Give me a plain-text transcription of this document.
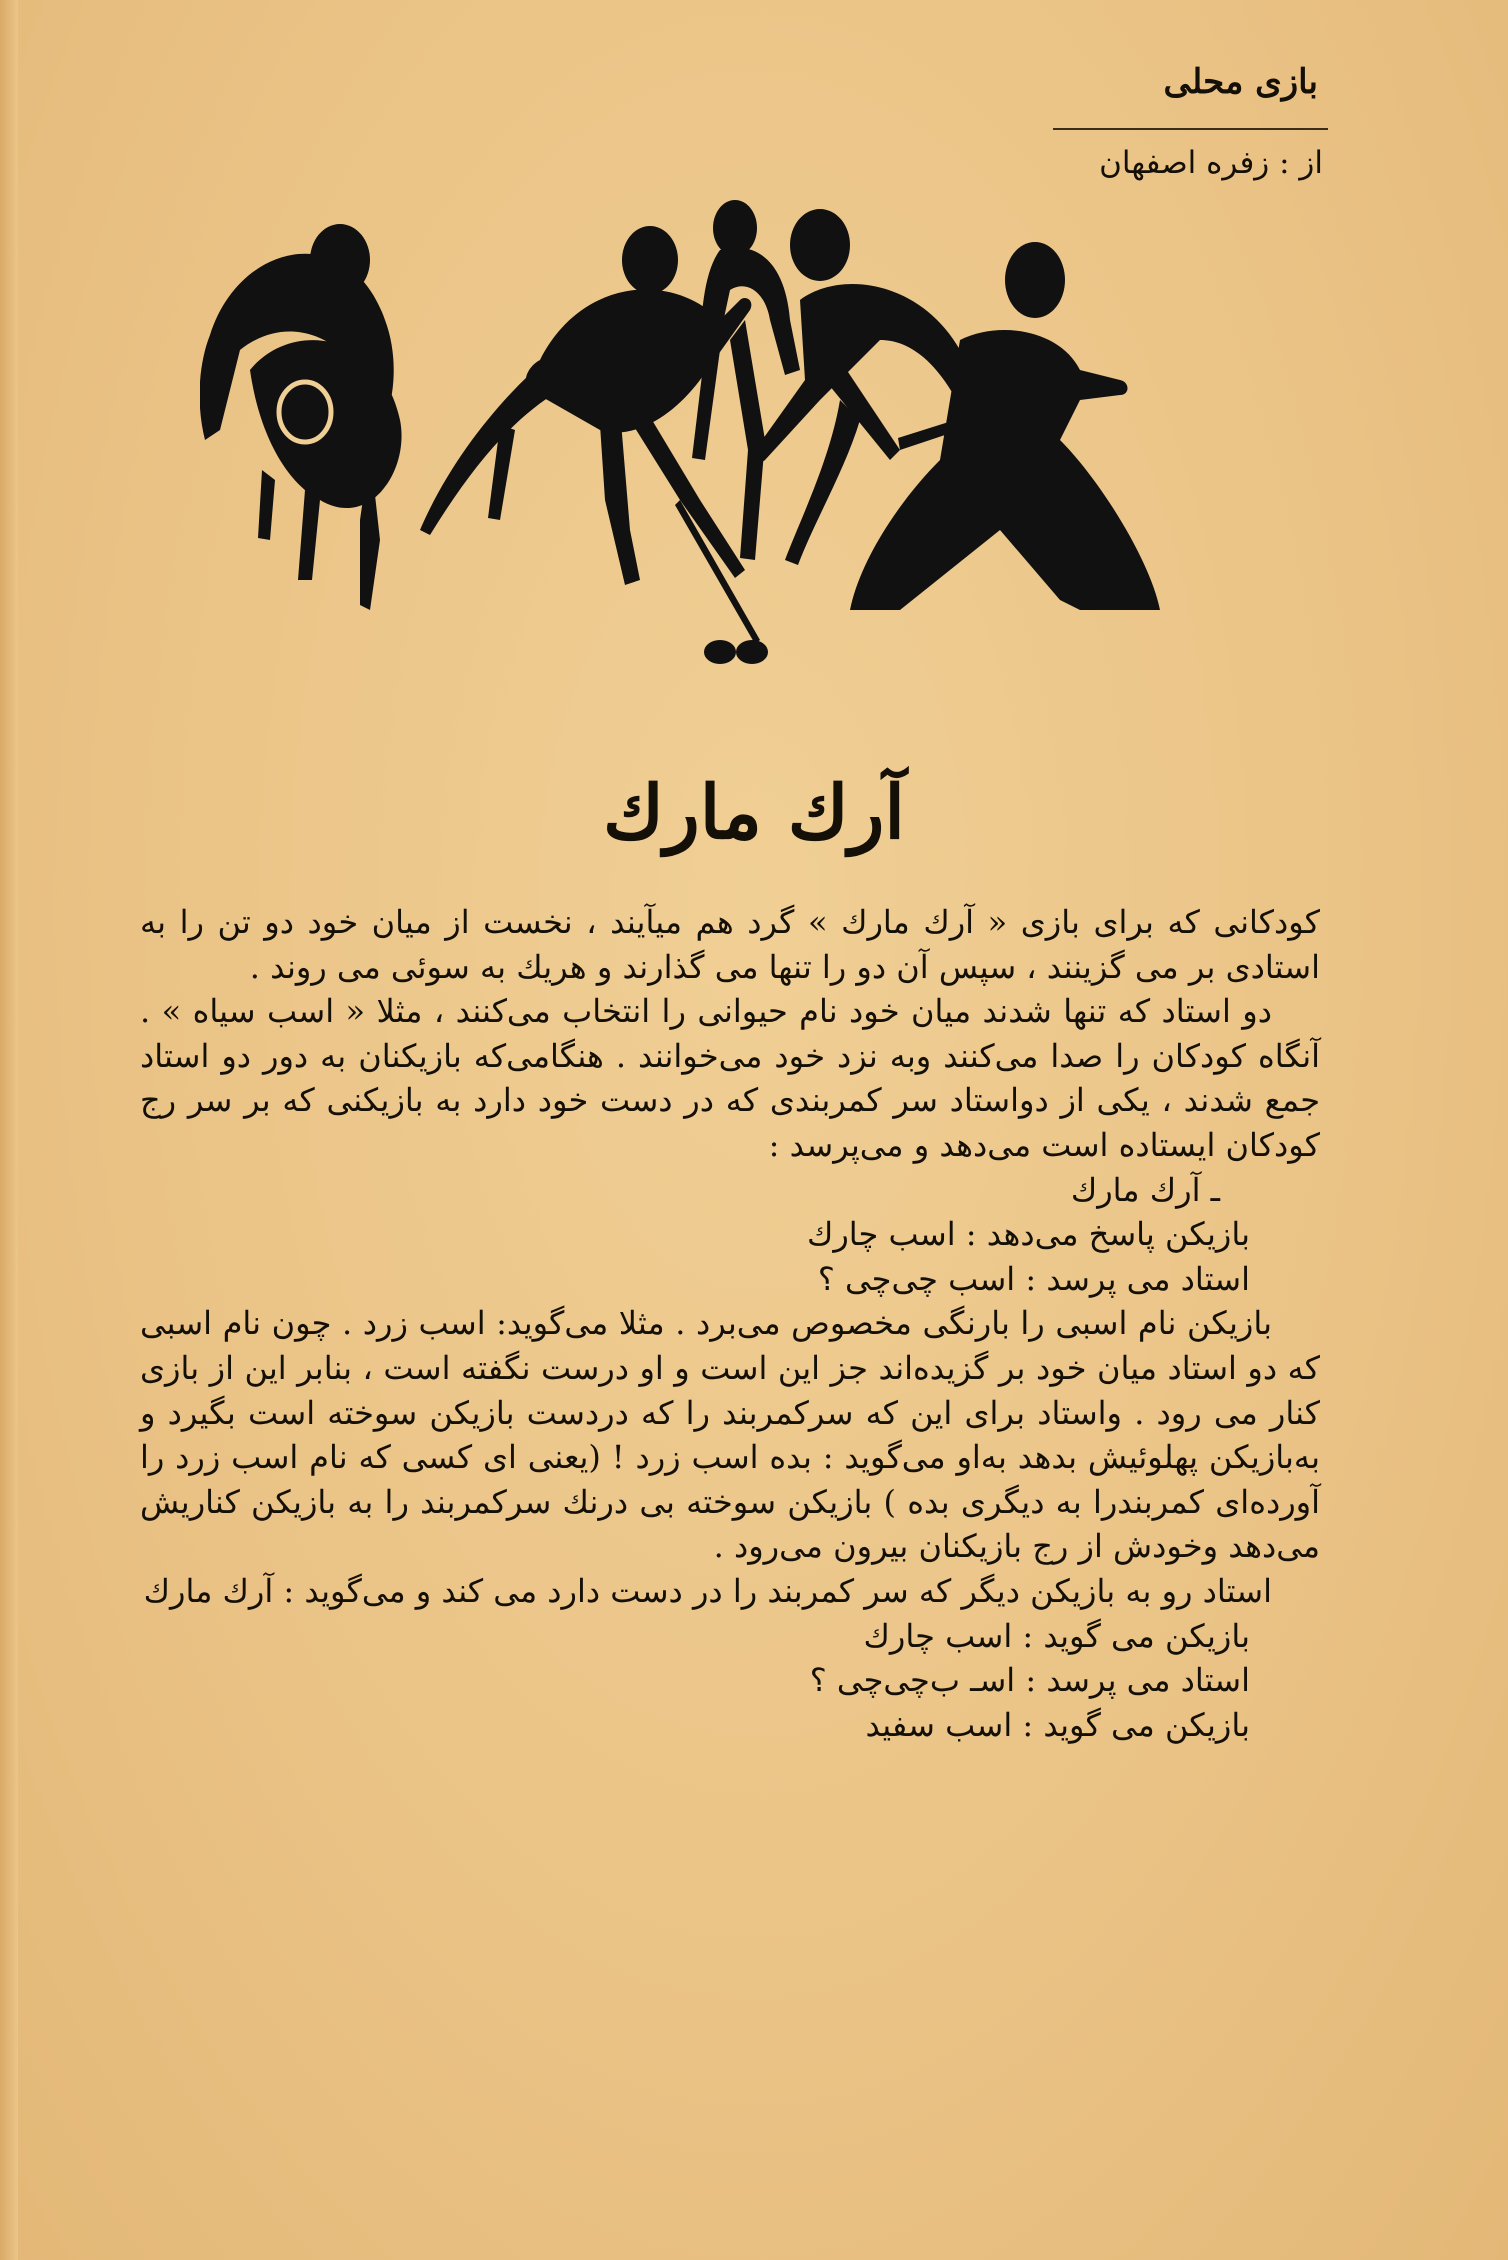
بازی محلی
از : زفره اصفهان
آرك مارك

کودکانی که برای بازی « آرك مارك » گرد هم میآیند ، نخست از میان خود دو تن را به استادی بر می گزینند ، سپس آن دو را تنها می گذارند و هریك به سوئی می روند .

دو استاد که تنها شدند میان خود نام حیوانی را انتخاب می‌کنند ، مثلا « اسب سیاه » . آنگاه کودکان را صدا می‌کنند وبه نزد خود می‌خوانند . هنگامی‌که بازیکنان به دور دو استاد جمع شدند ، یکی از دواستاد سر کمربندی که در دست خود دارد به بازیکنی که بر سر رج کودکان ایستاده است می‌دهد و می‌پرسد :

ـ آرك مارك

بازیکن پاسخ می‌دهد : اسب چارك

استاد می پرسد : اسب چی‌چی ؟

بازیکن نام اسبی را بارنگی مخصوص می‌برد . مثلا می‌گوید: اسب زرد . چون نام اسبی که دو استاد میان خود بر گزیده‌اند جز این است و او درست نگفته است ، بنابر این از بازی کنار می رود . واستاد برای این که سرکمربند را که دردست بازیکن سوخته است بگیرد و به‌بازیکن پهلوئیش بدهد به‌او می‌گوید : بده اسب زرد ! (یعنی ای کسی که نام اسب زرد را آورده‌ای کمربندرا به دیگری بده ) بازیکن سوخته بی درنك سرکمربند را به بازیکن کناریش می‌دهد وخودش از رج بازیکنان بیرون می‌رود .

استاد رو به بازیکن دیگر که سر کمربند را در دست دارد می کند و می‌گوید : آرك مارك

بازیکن می گوید : اسب چارك

استاد می پرسد : اسـ ب‌چی‌چی ؟

بازیکن می گوید : اسب سفید
